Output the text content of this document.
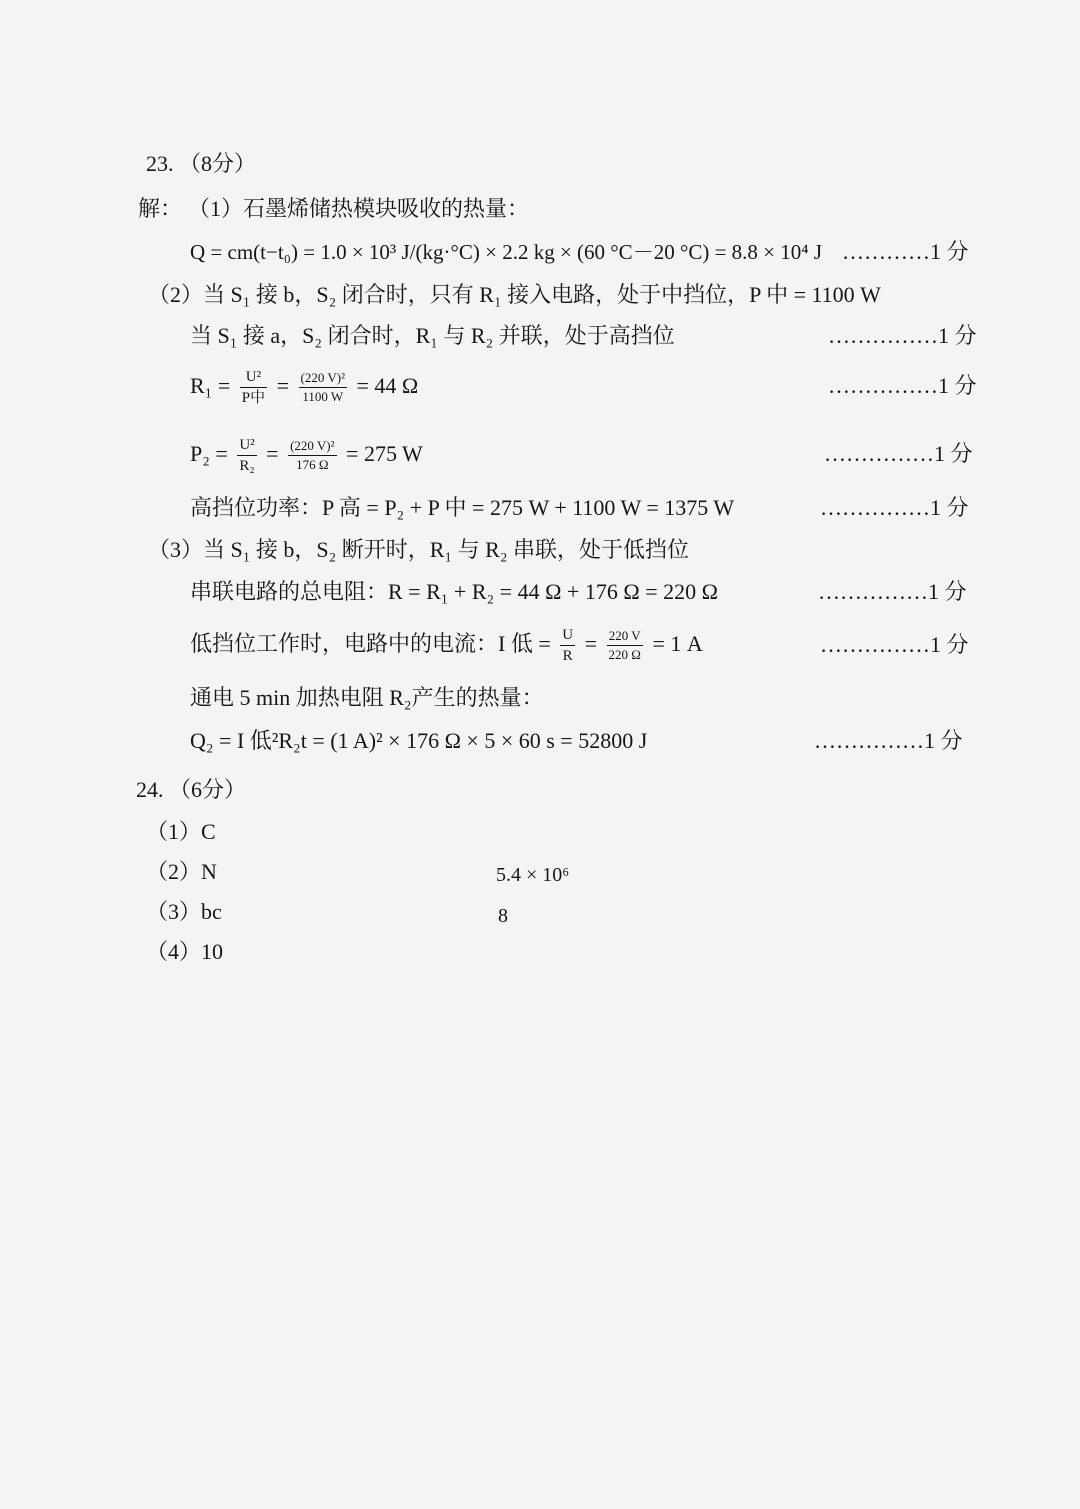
23. （8分）
解： （1）石墨烯储热模块吸收的热量：
Q = cm(t−t₀) = 1.0 × 10³ J/(kg·°C) × 2.2 kg × (60 °C－20 °C) = 8.8 × 10⁴ J …………1 分
（2）当 S₁ 接 b，S₂ 闭合时，只有 R₁ 接入电路，处于中挡位，P 中 = 1100 W
当 S₁ 接 a，S₂ 闭合时，R₁ 与 R₂ 并联，处于高挡位	……………1 分
$R_1 = \frac{\text{U²}}{\text{P中}} = \frac{\text{(220 V)²}}{1100 W} = 44$ Ω	……………1 分
$P_2 = \frac{\text{U²}}{\text{R₂}} = \frac{\text{(220 V)²}}{176 \Omega} = 275$ W	……………1 分
高挡位功率：P 高 = P₂ + P 中 = 275 W + 1100 W = 1375 W	……………1 分
（3）当 S₁ 接 b，S₂ 断开时，R₁ 与 R₂ 串联，处于低挡位
串联电路的总电阻：R = R₁ + R₂ = 44 Ω + 176 Ω = 220 Ω	……………1 分
低挡位工作时，电路中的电流：I 低 = $\frac{U}{R} = \frac{220 V}{220 \Omega} = 1$ A	……………1 分
通电 5 min 加热电阻 R₂产生的热量：
Q₂ = I 低²R₂t = (1 A)² × 176 Ω × 5 × 60 s = 52800 J	……………1 分
24. （6分）
（1）C
（2）N	5.4 × 10⁶
（3）bc	8
（4）10
